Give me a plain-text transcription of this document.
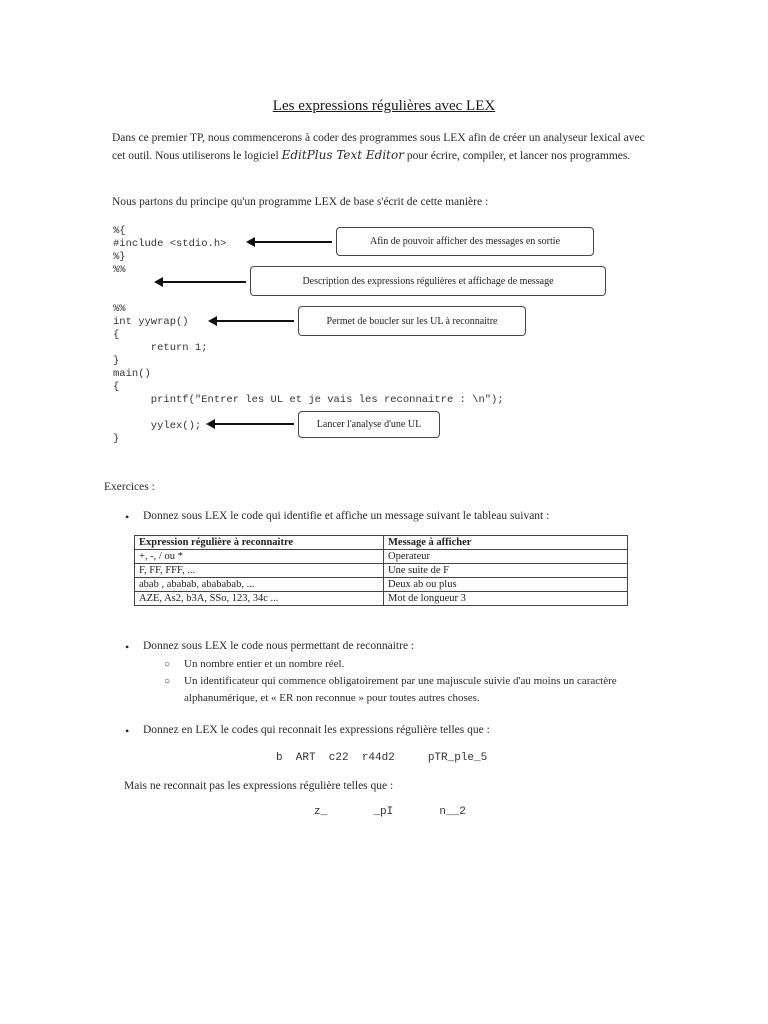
Les expressions régulières avec LEX
Dans ce premier TP, nous commencerons à coder des programmes sous LEX afin de créer un analyseur lexical avec cet outil. Nous utiliserons le logiciel EditPlus Text Editor pour écrire, compiler, et lancer nos programmes.
Nous partons du principe qu'un programme LEX de base s'écrit de cette manière :
%{
#include <stdio.h>
%}
%%
%%
int yywrap()
{
return 1;
}
main()
{
printf("Entrer les UL et je vais les reconnaitre : \n");
yylex();
}
Afin de pouvoir afficher des messages en sortie
Description des expressions régulières et affichage de message
Permet de boucler sur les UL à reconnaitre
Lancer l'analyse d'une UL
Exercices :
• Donnez sous LEX le code qui identifie et affiche un message suivant le tableau suivant :
Expression régulière à reconnaitre	Message à afficher
+, -, / ou *	Operateur
F, FF, FFF, ...	Une suite de F
abab , ababab, abababab, ...	Deux ab ou plus
AZE, As2, b3A, SSo, 123, 34c ...	Mot de longueur 3
• Donnez sous LEX le code nous permettant de reconnaitre :
○ Un nombre entier et un nombre réel.
○ Un identificateur qui commence obligatoirement par une majuscule suivie d'au moins un caractère alphanumérique, et « ER non reconnue » pour toutes autres choses.
• Donnez en LEX le codes qui reconnait les expressions régulière telles que :
b  ART  c22  r44d2     pTR_ple_5
Mais ne reconnait pas les expressions régulière telles que :
z_       _pI       n__2
